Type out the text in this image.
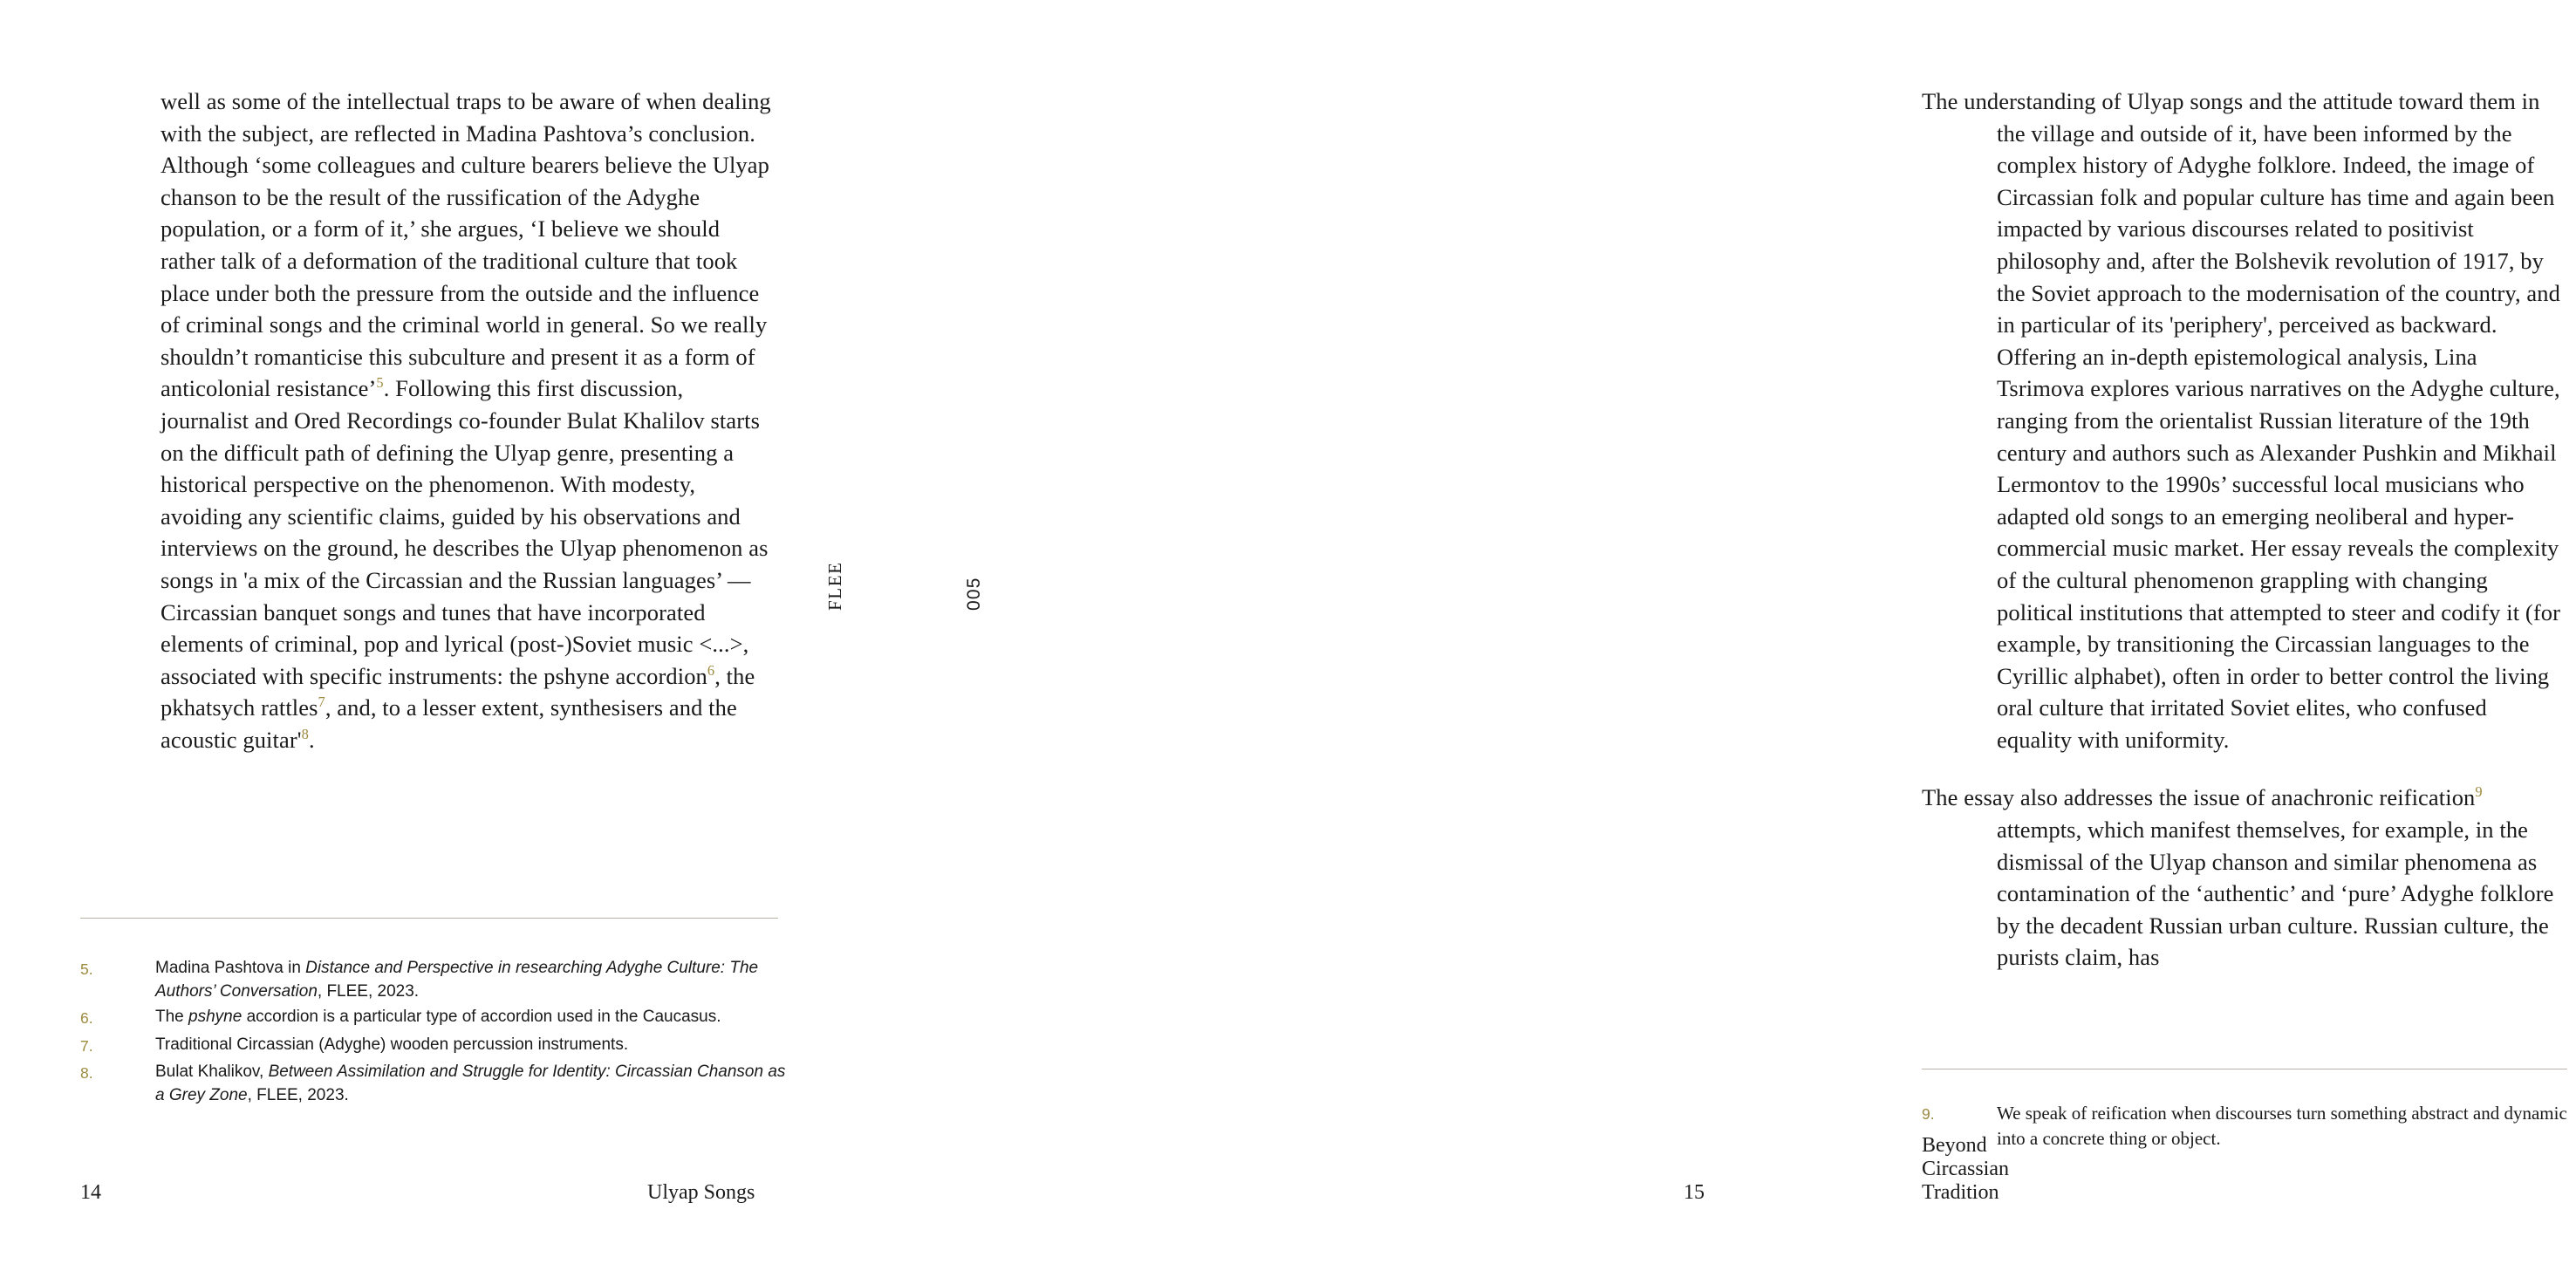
well as some of the intellectual traps to be aware of when dealing with the subject, are reflected in Madina Pashtova’s conclusion. Although ‘some colleagues and culture bearers believe the Ulyap chanson to be the result of the russification of the Adyghe population, or a form of it,’ she argues, ‘I believe we should rather talk of a deformation of the traditional culture that took place under both the pressure from the outside and the influence of criminal songs and the criminal world in general. So we really shouldn’t romanticise this subculture and present it as a form of anticolonial resistance’$^5$. Following this first discussion, journalist and Ored Recordings co-founder Bulat Khalilov starts on the difficult path of defining the Ulyap genre, presenting a historical perspective on the phenomenon. With modesty, avoiding any scientific claims, guided by his observations and interviews on the ground, he describes the Ulyap phenomenon as songs in 'a mix of the Circassian and the Russian languages’ — Circassian banquet songs and tunes that have incorporated elements of criminal, pop and lyrical (post-)Soviet music <...>, associated with specific instruments: the pshyne accordion$^6$, the pkhatsych rattles$^7$, and, to a lesser extent, synthesisers and the acoustic $guitar'^8$.
5.	Madina Pashtova in Distance and Perspective in researching Adyghe Culture: The Authors’ Conversation, FLEE, 2023.
6.	The pshyne accordion is a particular type of accordion used in the Caucasus.
7.	Traditional Circassian (Adyghe) wooden percussion instruments.
8.	Bulat Khalikov, Between Assimilation and Struggle for Identity: Circassian Chanson as a Grey Zone, FLEE, 2023.
14	Ulyap Songs

The understanding of Ulyap songs and the attitude toward them in the village and outside of it, have been informed by the complex history of Adyghe folklore. Indeed, the image of Circassian folk and popular culture has time and again been impacted by various discourses related to positivist philosophy and, after the Bolshevik revolution of 1917, by the Soviet approach to the modernisation of the country, and in particular of its 'periphery', perceived as backward. Offering an in-depth epistemological analysis, Lina Tsrimova explores various narratives on the Adyghe culture, ranging from the orientalist Russian literature of the 19th century and authors such as Alexander Pushkin and Mikhail Lermontov to the 1990s’ successful local musicians who adapted old songs to an emerging neoliberal and hyper-commercial music market. Her essay reveals the complexity of the cultural phenomenon grappling with changing political institutions that attempted to steer and codify it (for example, by transitioning the Circassian languages to the Cyrillic alphabet), often in order to better control the living oral culture that irritated Soviet elites, who confused equality with uniformity.

The essay also addresses the issue of anachronic reification$^9$ attempts, which manifest themselves, for example, in the dismissal of the Ulyap chanson and similar phenomena as contamination of the ‘authentic’ and ‘pure’ Adyghe folklore by the decadent Russian urban culture. Russian culture, the purists claim, has

9.	We speak of reification when discourses turn something abstract and dynamic into a concrete thing or object.
Beyond Circassian Tradition
15
FLEE	005
